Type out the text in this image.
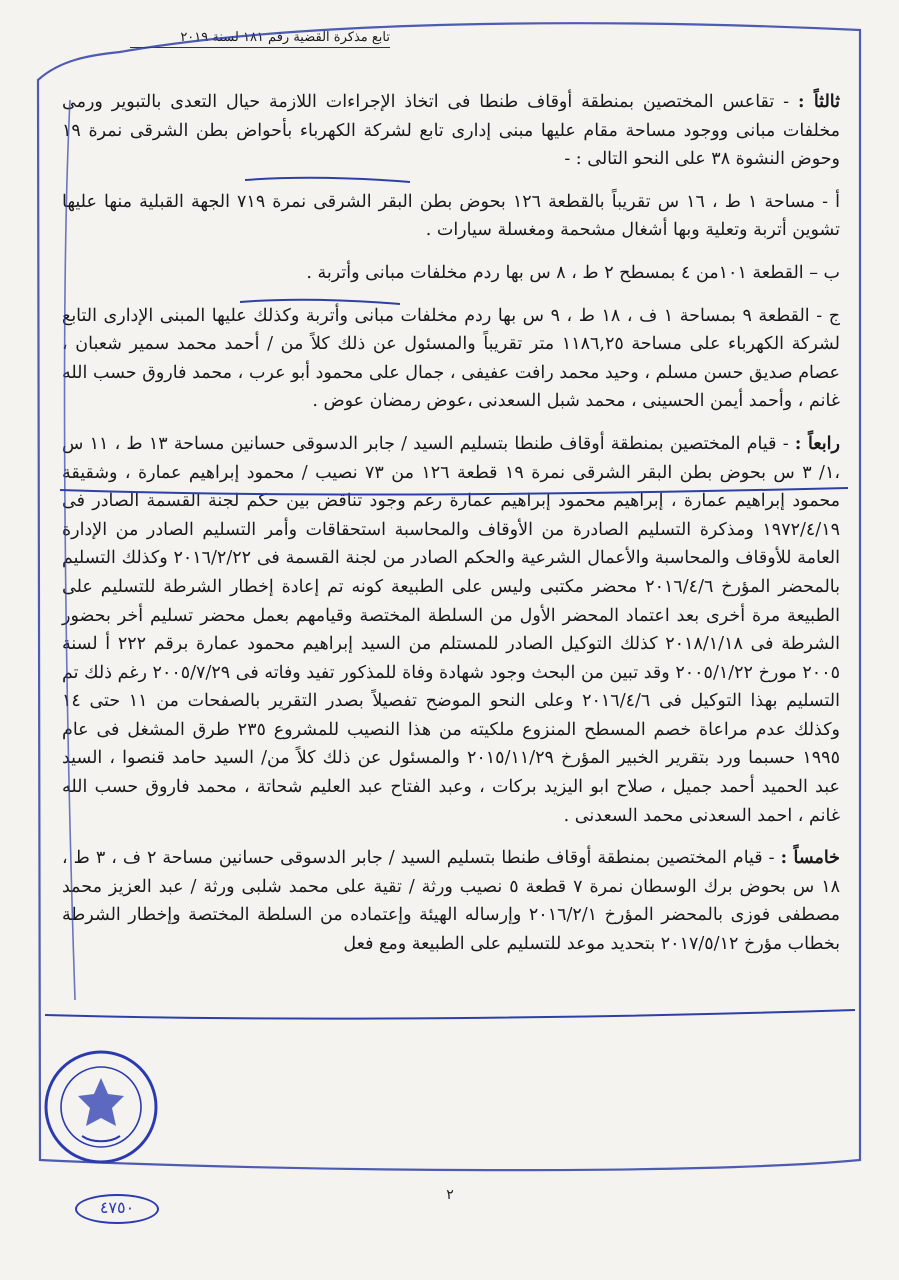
تابع مذكرة القضية رقم ١٨١ لسنة ٢٠١٩

ثالثاً : - تقاعس المختصين بمنطقة أوقاف طنطا فى اتخاذ الإجراءات اللازمة حيال التعدى بالتبوير ورمى مخلفات مبانى ووجود مساحة مقام عليها مبنى إدارى تابع لشركة الكهرباء بأحواض بطن الشرقى نمرة ١٩ وحوض النشوة ٣٨ على النحو التالى : -

أ - مساحة ١ ط ، ١٦ س تقريباً بالقطعة ١٢٦ بحوض بطن البقر الشرقى نمرة ٧١٩ الجهة القبلية منها عليها تشوين أتربة وتعلية وبها أشغال مشحمة ومغسلة سيارات .

ب – القطعة ١٠١من ٤ بمسطح ٢ ط ، ٨ س بها ردم مخلفات مبانى وأتربة .

ج - القطعة ٩ بمساحة ١ ف ، ١٨ ط ، ٩ س بها ردم مخلفات مبانى وأتربة وكذلك عليها المبنى الإدارى التابع لشركة الكهرباء على مساحة ١١٨٦,٢٥ متر تقريباً والمسئول عن ذلك كلاً من / أحمد محمد سمير شعبان ، عصام صديق حسن مسلم ، وحيد محمد رافت عفيفى ، جمال على محمود أبو عرب ، محمد فاروق حسب الله غانم ، وأحمد أيمن الحسينى ، محمد شبل السعدنى ،عوض رمضان عوض .

رابعاً : - قيام المختصين بمنطقة أوقاف طنطا بتسليم السيد / جابر الدسوقى حسانين مساحة ١٣ ط ، ١١ س ،١/ ٣ س بحوض بطن البقر الشرقى نمرة ١٩ قطعة ١٢٦ من ٧٣ نصيب / محمود إبراهيم عمارة ، وشقيقة محمود إبراهيم عمارة ، إبراهيم محمود إبراهيم عمارة رغم وجود تناقض بين حكم لجنة القسمة الصادر فى ١٩٧٢/٤/١٩ ومذكرة التسليم الصادرة من الأوقاف والمحاسبة استحقاقات وأمر التسليم الصادر من الإدارة العامة للأوقاف والمحاسبة والأعمال الشرعية والحكم الصادر من لجنة القسمة فى ٢٠١٦/٢/٢٢ وكذلك التسليم بالمحضر المؤرخ ٢٠١٦/٤/٦ محضر مكتبى وليس على الطبيعة كونه تم إعادة إخطار الشرطة للتسليم على الطبيعة مرة أخرى بعد اعتماد المحضر الأول من السلطة المختصة وقيامهم بعمل محضر تسليم أخر بحضور الشرطة فى ٢٠١٨/١/١٨ كذلك التوكيل الصادر للمستلم من السيد إبراهيم محمود عمارة برقم ٢٢٢ أ لسنة ٢٠٠٥ مورخ ٢٠٠٥/١/٢٢ وقد تبين من البحث وجود شهادة وفاة للمذكور تفيد وفاته فى ٢٠٠٥/٧/٢٩ رغم ذلك تم التسليم بهذا التوكيل فى ٢٠١٦/٤/٦ وعلى النحو الموضح تفصيلاً بصدر التقرير بالصفحات من ١١ حتى ١٤ وكذلك عدم مراعاة خصم المسطح المنزوع ملكيته من هذا النصيب للمشروع ٢٣٥ طرق المشغل فى عام ١٩٩٥ حسبما ورد بتقرير الخبير المؤرخ ٢٠١٥/١١/٢٩ والمسئول عن ذلك كلاً من/ السيد حامد قنصوا ، السيد عبد الحميد أحمد جميل ، صلاح ابو اليزيد بركات ، وعبد الفتاح عبد العليم شحاتة ، محمد فاروق حسب الله غانم ، احمد السعدنى محمد السعدنى .

خامساً : - قيام المختصين بمنطقة أوقاف طنطا بتسليم السيد / جابر الدسوقى حسانين مساحة ٢ ف ، ٣ ط ، ١٨ س بحوض برك الوسطان نمرة ٧ قطعة ٥ نصيب ورثة / تقية على محمد شلبى ورثة / عبد العزيز محمد مصطفى فوزى بالمحضر المؤرخ ٢٠١٦/٢/١ وإرساله الهيئة وإعتماده من السلطة المختصة وإخطار الشرطة بخطاب مؤرخ ٢٠١٧/٥/١٢ بتحديد موعد للتسليم على الطبيعة ومع فعل

٤٧٥٠
٢
